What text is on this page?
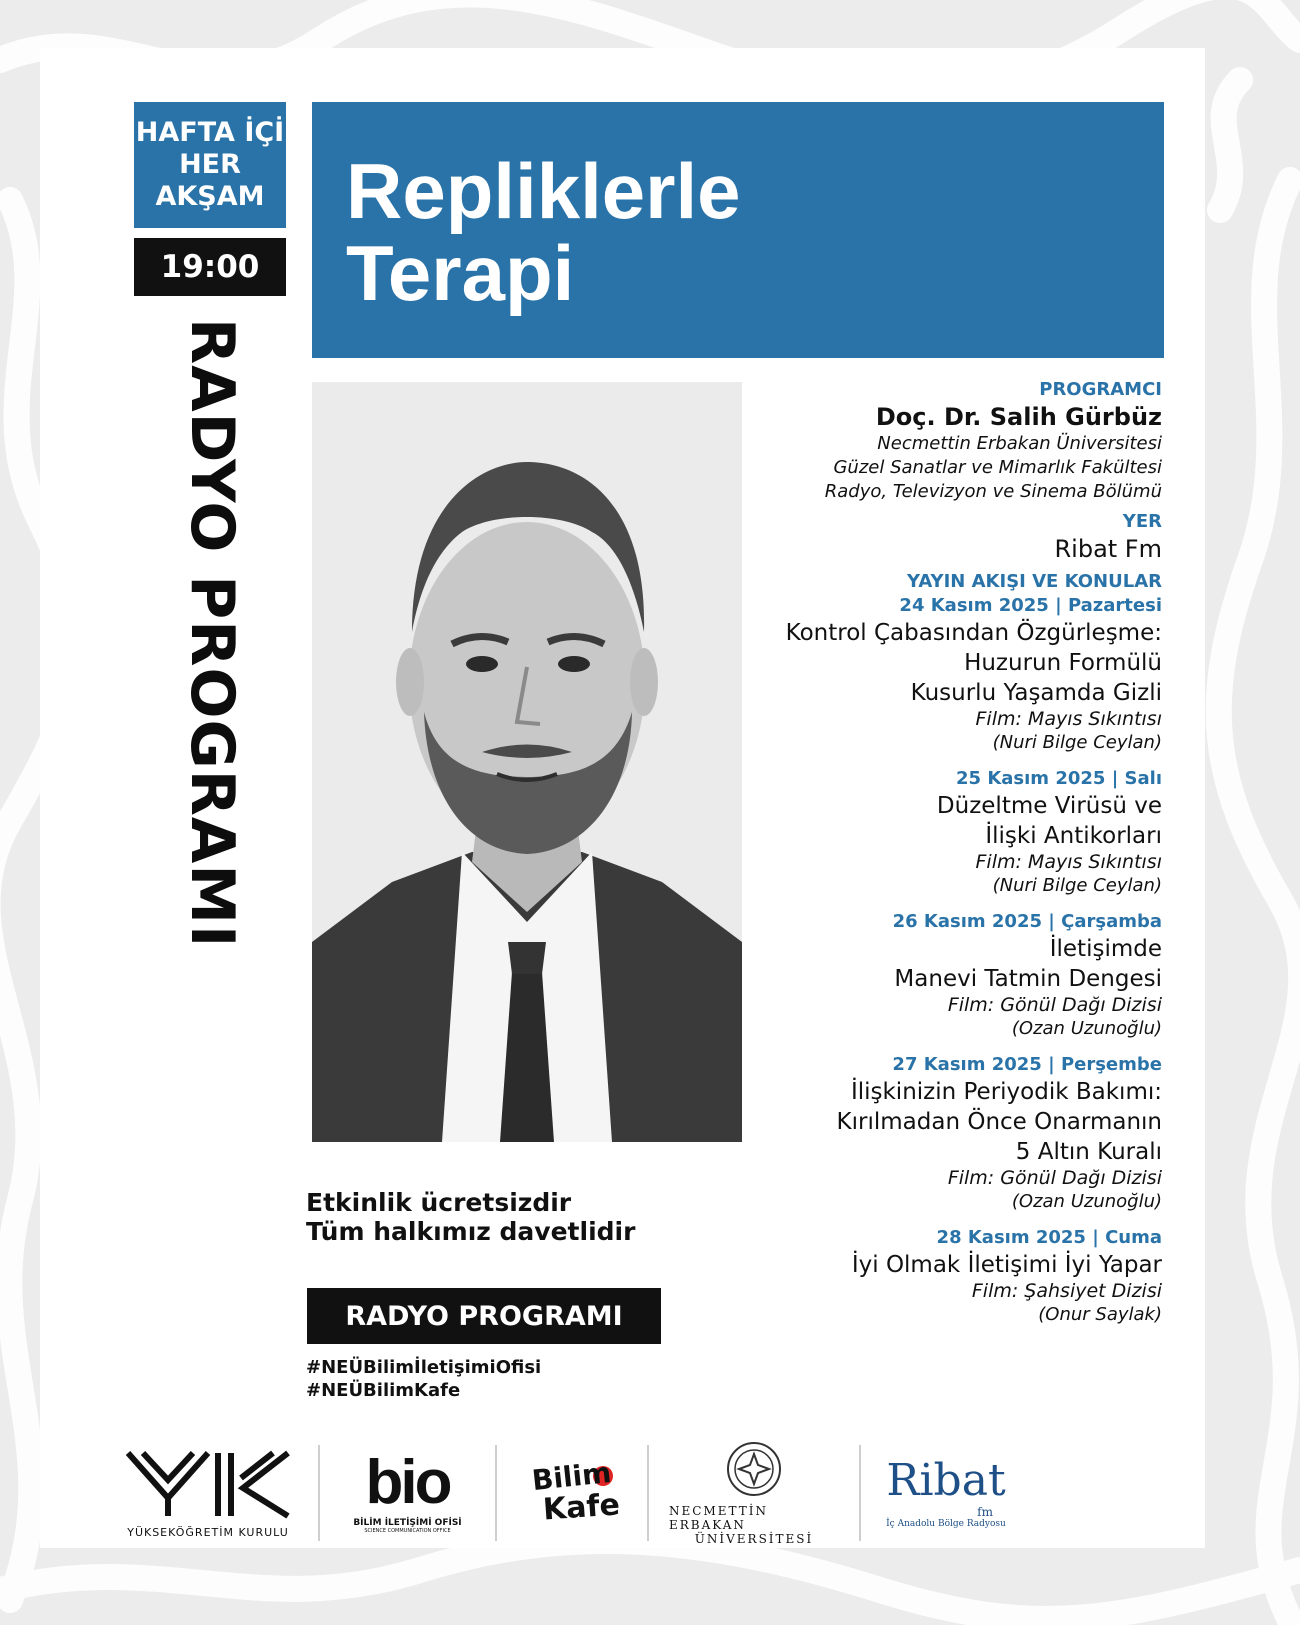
HAFTA İÇİ
HER
AKŞAM
19:00
RADYO PROGRAMI
Repliklerle
Terapi
Etkinlik ücretsizdir
Tüm halkımız davetlidir
RADYO PROGRAMI
#NEÜBilimİletişimiOfisi
#NEÜBilimKafe
PROGRAMCI
Doç. Dr. Salih Gürbüz
Necmettin Erbakan Üniversitesi
Güzel Sanatlar ve Mimarlık Fakültesi
Radyo, Televizyon ve Sinema Bölümü
YER
Ribat Fm
YAYIN AKIŞI VE KONULAR
24 Kasım 2025 | Pazartesi
Kontrol Çabasından Özgürleşme:
Huzurun Formülü
Kusurlu Yaşamda Gizli
Film: Mayıs Sıkıntısı
(Nuri Bilge Ceylan)
25 Kasım 2025 | Salı
Düzeltme Virüsü ve
İlişki Antikorları
Film: Mayıs Sıkıntısı
(Nuri Bilge Ceylan)
26 Kasım 2025 | Çarşamba
İletişimde
Manevi Tatmin Dengesi
Film: Gönül Dağı Dizisi
(Ozan Uzunoğlu)
27 Kasım 2025 | Perşembe
İlişkinizin Periyodik Bakımı:
Kırılmadan Önce Onarmanın
5 Altın Kuralı
Film: Gönül Dağı Dizisi
(Ozan Uzunoğlu)
28 Kasım 2025 | Cuma
İyi Olmak İletişimi İyi Yapar
Film: Şahsiyet Dizisi
(Onur Saylak)
YÜKSEKÖĞRETİM KURULU
bio
BİLİM İLETİŞİMİ OFİSİ
SCIENCE COMMUNICATION OFFICE
Bilim
Kafe	NECMETTİN ERBAKAN
ÜNİVERSİTESİ
Ribat
fm
İç Anadolu Bölge Radyosu
